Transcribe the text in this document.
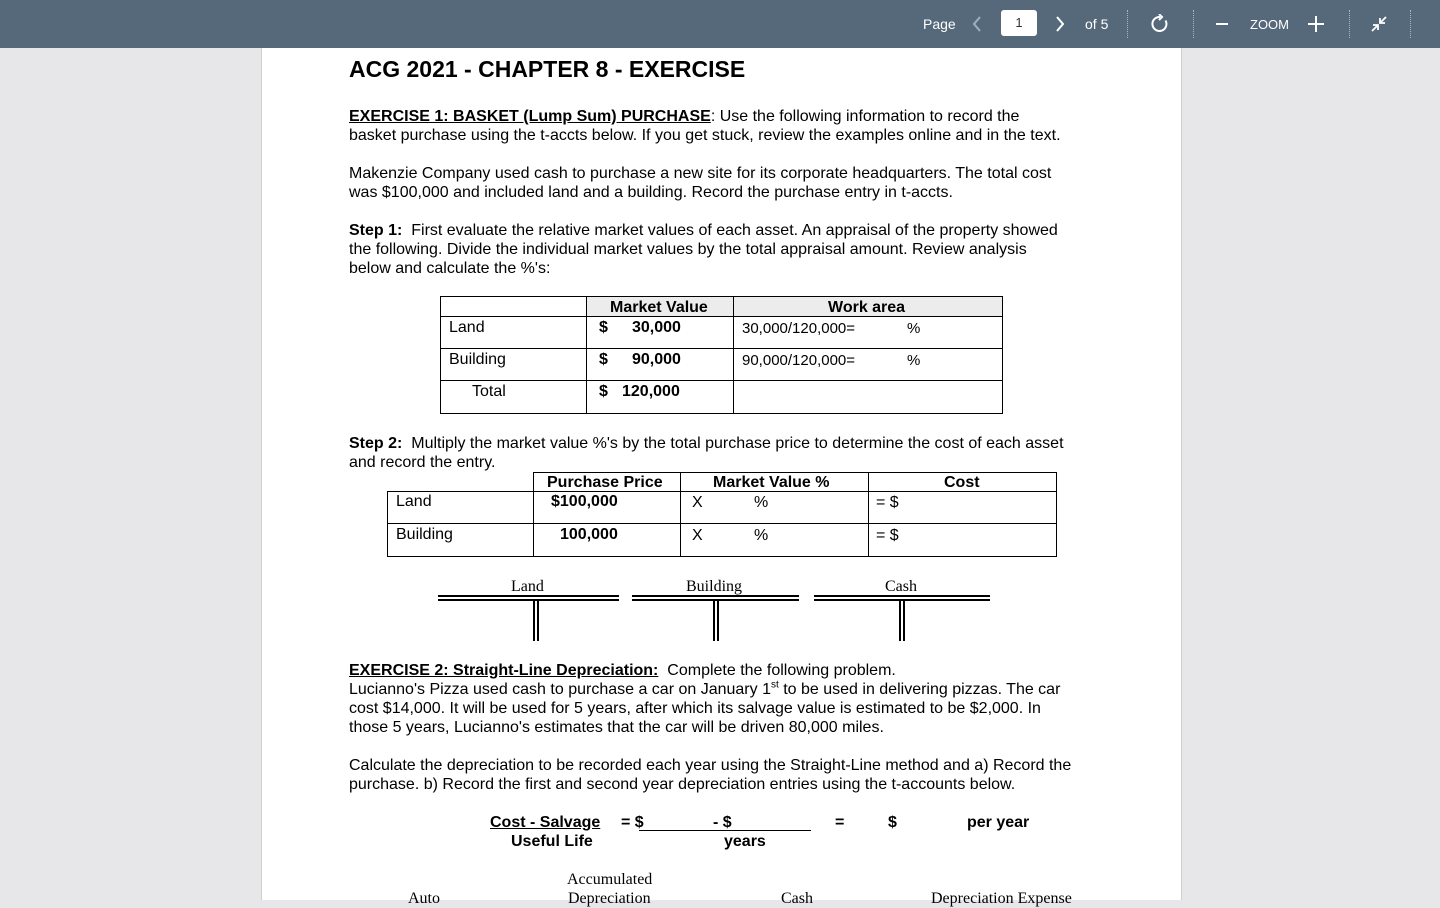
Page	1	of 5	ZOOM
ACG 2021 - CHAPTER 8 - EXERCISE
EXERCISE 1: BASKET (Lump Sum) PURCHASE: Use the following information to record the
basket purchase using the t-accts below. If you get stuck, review the examples online and in the text.
Makenzie Company used cash to purchase a new site for its corporate headquarters. The total cost
was $100,000 and included land and a building. Record the purchase entry in t-accts.
Step 1: First evaluate the relative market values of each asset. An appraisal of the property showed
the following. Divide the individual market values by the total appraisal amount. Review analysis
below and calculate the %'s:
Market Value	Work area
Land	$ 30,000	30,000/120,000=	%
Building	$ 90,000	90,000/120,000=	%
Total	$ 120,000
Step 2: Multiply the market value %'s by the total purchase price to determine the cost of each asset
and record the entry.
Purchase Price	Market Value %	Cost
Land	$100,000	X	%	= $
Building	100,000	X	%	= $
Land	Building	Cash
EXERCISE 2: Straight-Line Depreciation: Complete the following problem.
Lucianno's Pizza used cash to purchase a car on January 1st to be used in delivering pizzas. The car
cost $14,000. It will be used for 5 years, after which its salvage value is estimated to be $2,000. In
those 5 years, Lucianno's estimates that the car will be driven 80,000 miles.
Calculate the depreciation to be recorded each year using the Straight-Line method and a) Record the
purchase. b) Record the first and second year depreciation entries using the t-accounts below.
Cost - Salvage
Useful Life
= $	- $
years
=	$	per year
Auto
Accumulated
Depreciation	Cash	Depreciation Expense
